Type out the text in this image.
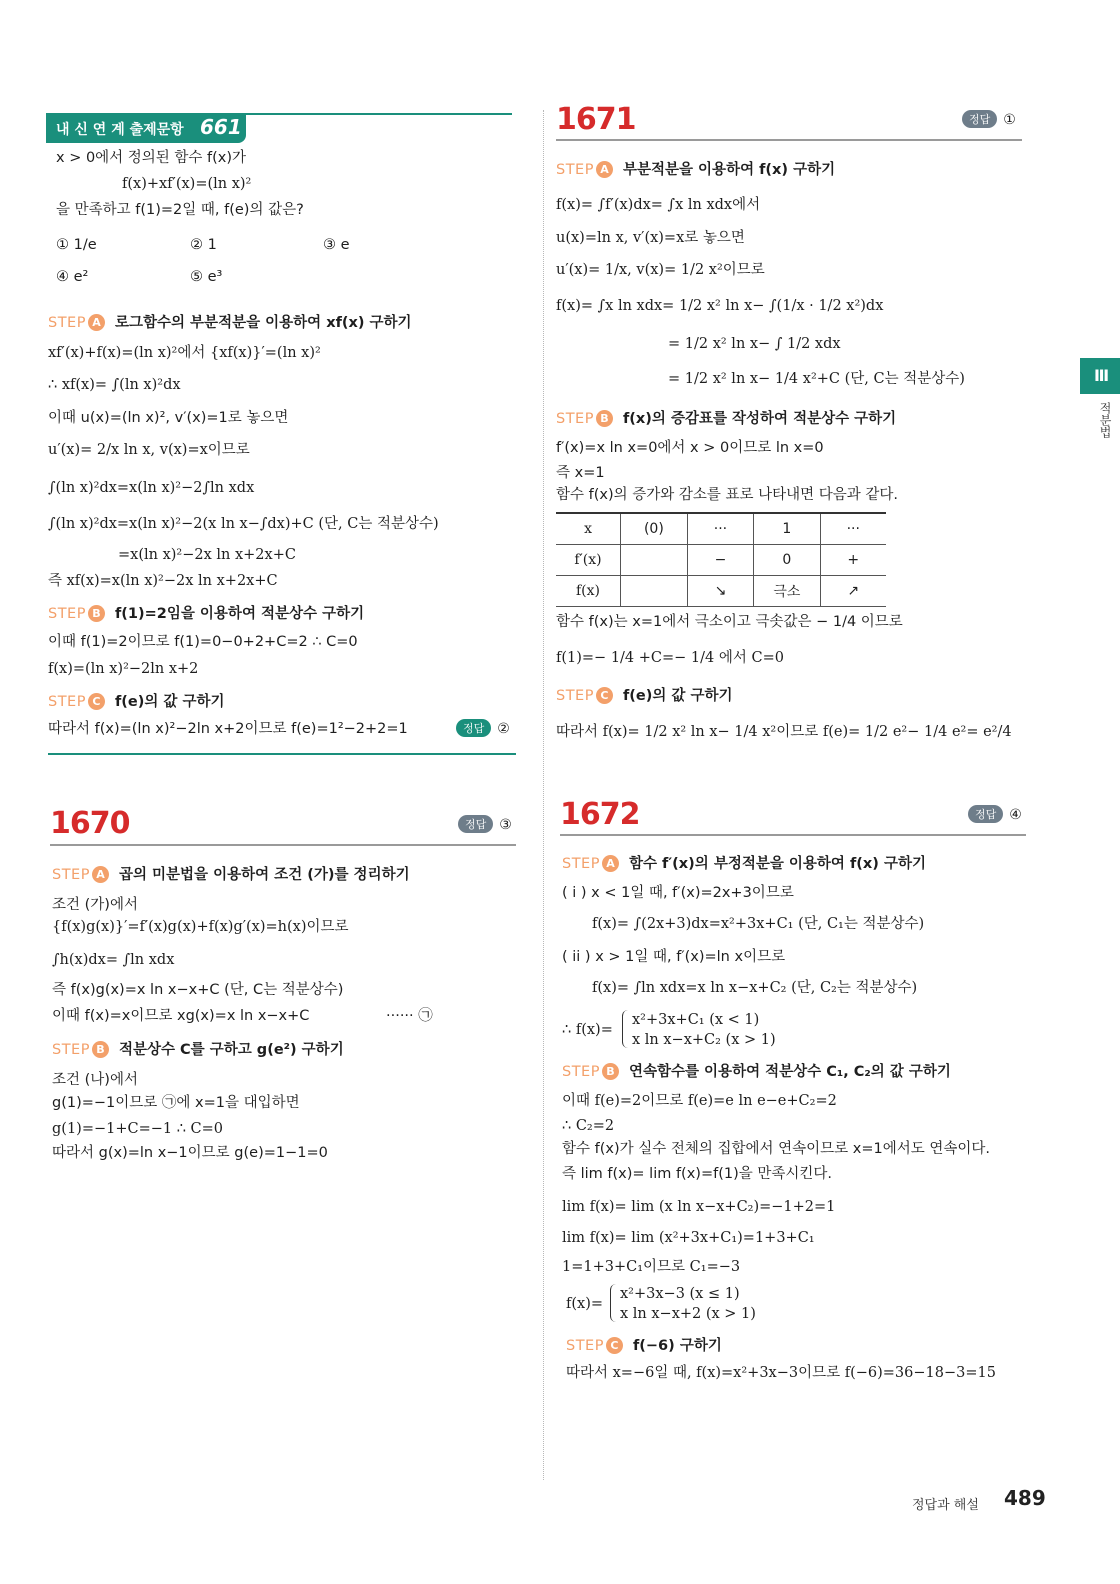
내 신 연 계 출제문항 661
x > 0에서 정의된 함수 f(x)가
f(x)+xf′(x)=(ln x)²
을 만족하고 f(1)=2일 때, f(e)의 값은?
① 1/e	② 1	③ e
④ e²	⑤ e³
STEP A 로그함수의 부분적분을 이용하여 xf(x) 구하기
xf′(x)+f(x)=(ln x)²에서 {xf(x)}′=(ln x)²
∴ xf(x)= ∫(ln x)²dx
이때 u(x)=(ln x)², v′(x)=1로 놓으면
u′(x)= 2/x ln x, v(x)=x이므로
∫(ln x)²dx=x(ln x)²−2∫ln xdx
∫(ln x)²dx=x(ln x)²−2(x ln x−∫dx)+C (단, C는 적분상수)
=x(ln x)²−2x ln x+2x+C
즉 xf(x)=x(ln x)²−2x ln x+2x+C
STEP B f(1)=2임을 이용하여 적분상수 구하기
이때 f(1)=2이므로 f(1)=0−0+2+C=2 ∴ C=0
f(x)=(ln x)²−2ln x+2
STEP C f(e)의 값 구하기
따라서 f(x)=(ln x)²−2ln x+2이므로 f(e)=1²−2+2=1	정답 ②
1670	정답 ③
STEP A 곱의 미분법을 이용하여 조건 (가)를 정리하기
조건 (가)에서
{f(x)g(x)}′=f′(x)g(x)+f(x)g′(x)=h(x)이므로
∫h(x)dx= ∫ln xdx
즉 f(x)g(x)=x ln x−x+C (단, C는 적분상수)
이때 f(x)=x이므로 xg(x)=x ln x−x+C	······ ㉠
STEP B 적분상수 C를 구하고 g(e²) 구하기
조건 (나)에서
g(1)=−1이므로 ㉠에 x=1을 대입하면
g(1)=−1+C=−1 ∴ C=0
따라서 g(x)=ln x−1이므로 g(e)=1−1=0
1671	정답 ①
STEP A 부분적분을 이용하여 f(x) 구하기
f(x)= ∫f′(x)dx= ∫x ln xdx에서
u(x)=ln x, v′(x)=x로 놓으면
u′(x)= 1/x, v(x)= 1/2 x²이므로
f(x)= ∫x ln xdx= 1/2 x² ln x− ∫(1/x · 1/2 x²)dx
= 1/2 x² ln x− ∫ 1/2 xdx
= 1/2 x² ln x− 1/4 x²+C (단, C는 적분상수)
STEP B f(x)의 증감표를 작성하여 적분상수 구하기
f′(x)=x ln x=0에서 x > 0이므로 ln x=0
즉 x=1
함수 f(x)의 증가와 감소를 표로 나타내면 다음과 같다.
x	(0)	···	1	···
f′(x)		−	0	+
f(x)		↘	극소	↗
함수 f(x)는 x=1에서 극소이고 극솟값은 − 1/4 이므로
f(1)=− 1/4 +C=− 1/4 에서 C=0
STEP C f(e)의 값 구하기
따라서 f(x)= 1/2 x² ln x− 1/4 x²이므로 f(e)= 1/2 e²− 1/4 e²= e²/4
1672	정답 ④
STEP A 함수 f′(x)의 부정적분을 이용하여 f(x) 구하기
( i ) x < 1일 때, f′(x)=2x+3이므로
f(x)= ∫(2x+3)dx=x²+3x+C₁ (단, C₁는 적분상수)
( ii ) x > 1일 때, f′(x)=ln x이므로
f(x)= ∫ln xdx=x ln x−x+C₂ (단, C₂는 적분상수)
∴ f(x)=
x²+3x+C₁ (x < 1)
x ln x−x+C₂ (x > 1)
STEP B 연속함수를 이용하여 적분상수 C₁, C₂의 값 구하기
이때 f(e)=2이므로 f(e)=e ln e−e+C₂=2
∴ C₂=2
함수 f(x)가 실수 전체의 집합에서 연속이므로 x=1에서도 연속이다.
즉 lim f(x)= lim f(x)=f(1)을 만족시킨다.
lim f(x)= lim (x ln x−x+C₂)=−1+2=1
lim f(x)= lim (x²+3x+C₁)=1+3+C₁
1=1+3+C₁이므로 C₁=−3
f(x)=
x²+3x−3 (x ≤ 1)
x ln x−x+2 (x > 1)
STEP C f(−6) 구하기
따라서 x=−6일 때, f(x)=x²+3x−3이므로 f(−6)=36−18−3=15
Ⅲ
적분법
정답과 해설 489
